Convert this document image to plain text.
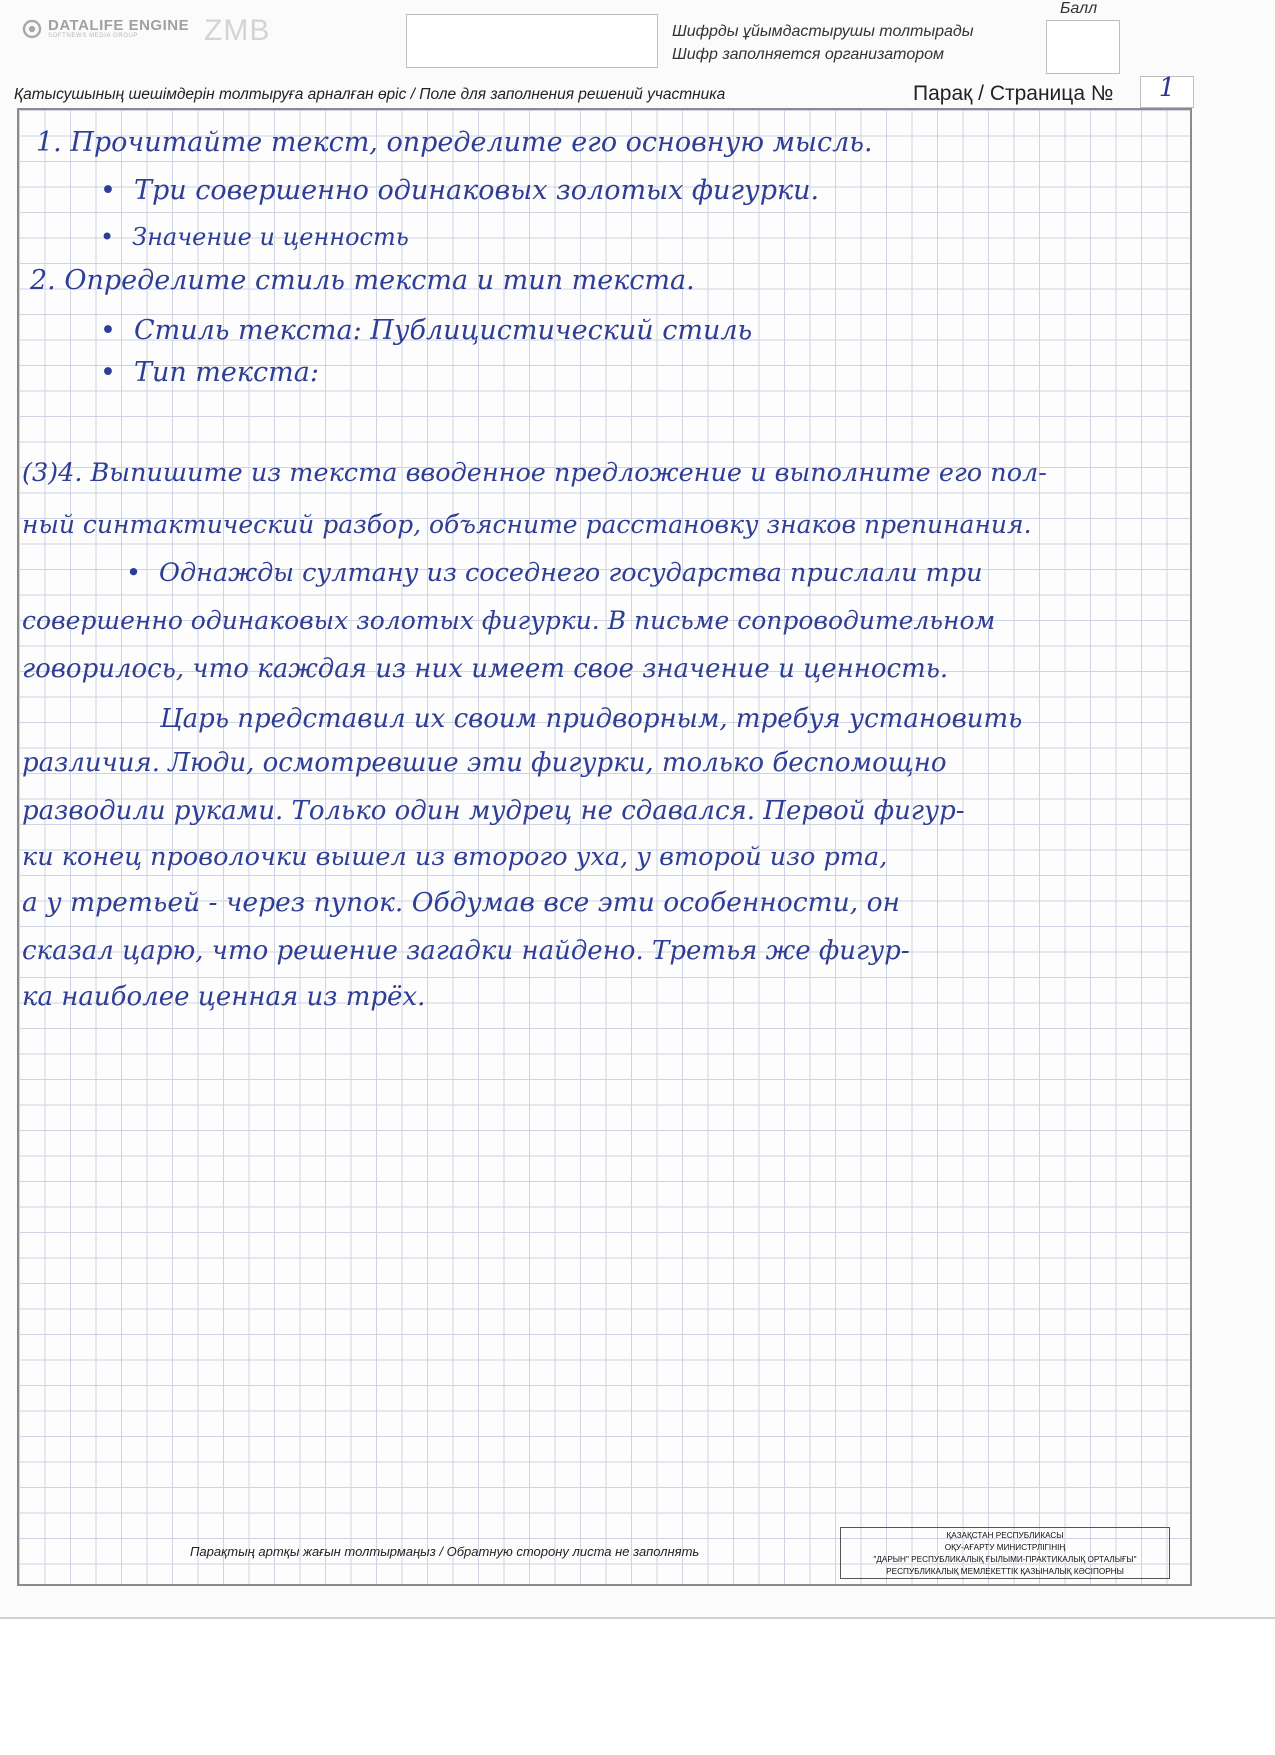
DATALIFE ENGINE
SOFTNEWS MEDIA GROUP	ZMB	Шифрды ұйымдастырушы толтырады
Шифр заполняется организатором
Балл
Қатысушының шешімдерін толтыруға арналған өріс / Поле для заполнения решений участника	Парақ / Страница №	1
1. Прочитайте текст, определите его основную мысль.
• Три совершенно одинаковых золотых фигурки.
• Значение и ценность
2. Определите стиль текста и тип текста.
• Стиль текста: Публицистический стиль
• Тип текста:
(3)4. Выпишите из текста вводенное предложение и выполните его пол-
ный синтактический разбор, объясните расстановку знаков препинания.
• Однажды султану из соседнего государства прислали три
совершенно одинаковых золотых фигурки. В письме сопроводительном
говорилось, что каждая из них имеет свое значение и ценность.
Царь представил их своим придворным, требуя установить
различия. Люди, осмотревшие эти фигурки, только беспомощно
разводили руками. Только один мудрец не сдавался. Первой фигур-
ки конец проволочки вышел из второго уха, у второй изо рта,
а у третьей - через пупок. Обдумав все эти особенности, он
сказал царю, что решение загадки найдено. Третья же фигур-
ка наиболее ценная из трёх.
Парақтың артқы жағын толтырмаңыз / Обратную сторону листа не заполнять
ҚАЗАҚСТАН РЕСПУБЛИКАСЫ
ОҚУ-АҒАРТУ МИНИСТРЛІГІНІҢ
"ДАРЫН" РЕСПУБЛИКАЛЫҚ ҒЫЛЫМИ-ПРАКТИКАЛЫҚ ОРТАЛЫҒЫ"
РЕСПУБЛИКАЛЫҚ МЕМЛЕКЕТТІК ҚАЗЫНАЛЫҚ КӘСІПОРНЫ
